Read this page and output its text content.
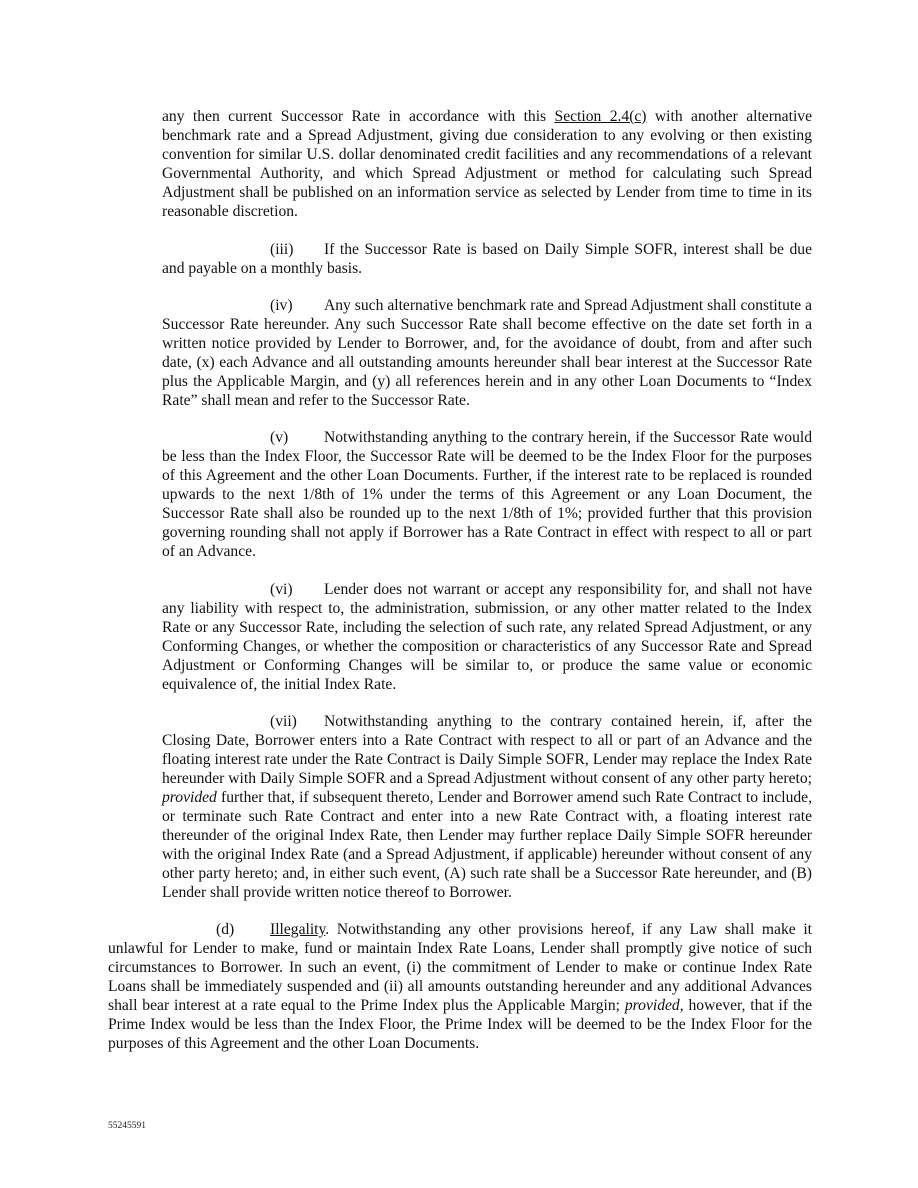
any then current Successor Rate in accordance with this Section 2.4(c) with another alternative benchmark rate and a Spread Adjustment, giving due consideration to any evolving or then existing convention for similar U.S. dollar denominated credit facilities and any recommendations of a relevant Governmental Authority, and which Spread Adjustment or method for calculating such Spread Adjustment shall be published on an information service as selected by Lender from time to time in its reasonable discretion.

(iii) If the Successor Rate is based on Daily Simple SOFR, interest shall be due and payable on a monthly basis.

(iv) Any such alternative benchmark rate and Spread Adjustment shall constitute a Successor Rate hereunder. Any such Successor Rate shall become effective on the date set forth in a written notice provided by Lender to Borrower, and, for the avoidance of doubt, from and after such date, (x) each Advance and all outstanding amounts hereunder shall bear interest at the Successor Rate plus the Applicable Margin, and (y) all references herein and in any other Loan Documents to “Index Rate” shall mean and refer to the Successor Rate.

(v) Notwithstanding anything to the contrary herein, if the Successor Rate would be less than the Index Floor, the Successor Rate will be deemed to be the Index Floor for the purposes of this Agreement and the other Loan Documents. Further, if the interest rate to be replaced is rounded upwards to the next 1/8th of 1% under the terms of this Agreement or any Loan Document, the Successor Rate shall also be rounded up to the next 1/8th of 1%; provided further that this provision governing rounding shall not apply if Borrower has a Rate Contract in effect with respect to all or part of an Advance.

(vi) Lender does not warrant or accept any responsibility for, and shall not have any liability with respect to, the administration, submission, or any other matter related to the Index Rate or any Successor Rate, including the selection of such rate, any related Spread Adjustment, or any Conforming Changes, or whether the composition or characteristics of any Successor Rate and Spread Adjustment or Conforming Changes will be similar to, or produce the same value or economic equivalence of, the initial Index Rate.

(vii) Notwithstanding anything to the contrary contained herein, if, after the Closing Date, Borrower enters into a Rate Contract with respect to all or part of an Advance and the floating interest rate under the Rate Contract is Daily Simple SOFR, Lender may replace the Index Rate hereunder with Daily Simple SOFR and a Spread Adjustment without consent of any other party hereto; provided further that, if subsequent thereto, Lender and Borrower amend such Rate Contract to include, or terminate such Rate Contract and enter into a new Rate Contract with, a floating interest rate thereunder of the original Index Rate, then Lender may further replace Daily Simple SOFR hereunder with the original Index Rate (and a Spread Adjustment, if applicable) hereunder without consent of any other party hereto; and, in either such event, (A) such rate shall be a Successor Rate hereunder, and (B) Lender shall provide written notice thereof to Borrower.

(d) Illegality. Notwithstanding any other provisions hereof, if any Law shall make it unlawful for Lender to make, fund or maintain Index Rate Loans, Lender shall promptly give notice of such circumstances to Borrower. In such an event, (i) the commitment of Lender to make or continue Index Rate Loans shall be immediately suspended and (ii) all amounts outstanding hereunder and any additional Advances shall bear interest at a rate equal to the Prime Index plus the Applicable Margin; provided, however, that if the Prime Index would be less than the Index Floor, the Prime Index will be deemed to be the Index Floor for the purposes of this Agreement and the other Loan Documents.

55245591
